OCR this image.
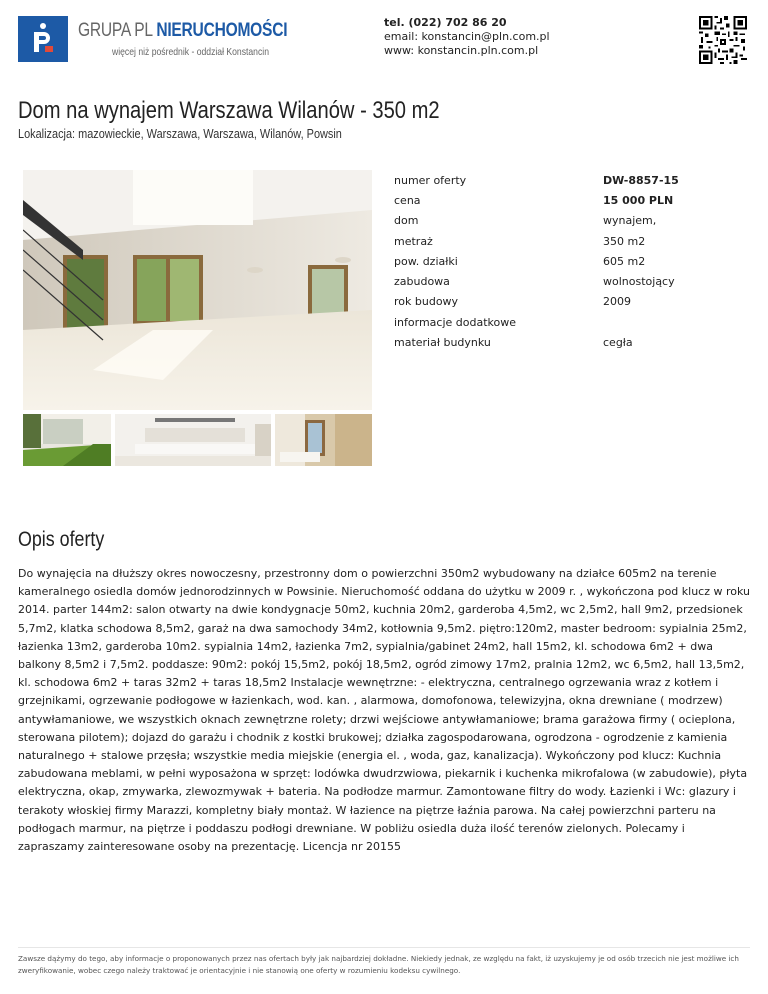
GRUPA PL NIERUCHOMOŚCI
więcej niż pośrednik - oddział Konstancin
tel. (022) 702 86 20
email: konstancin@pln.com.pl
www: konstancin.pln.com.pl
Dom na wynajem Warszawa Wilanów - 350 m2
Lokalizacja: mazowieckie, Warszawa, Warszawa, Wilanów, Powsin
numer oferty	DW-8857-15
cena	15 000 PLN
dom	wynajem,
metraż	350 m2
pow. działki	605 m2
zabudowa	wolnostojący
rok budowy	2009
informacje dodatkowe
materiał budynku	cegła
Opis oferty
Do wynajęcia na dłuższy okres nowoczesny, przestronny dom o powierzchni 350m2 wybudowany na działce 605m2 na terenie kameralnego osiedla domów jednorodzinnych w Powsinie. Nieruchomość oddana do użytku w 2009 r. , wykończona pod klucz w roku 2014. parter 144m2: salon otwarty na dwie kondygnacje 50m2, kuchnia 20m2, garderoba 4,5m2, wc 2,5m2, hall 9m2, przedsionek 5,7m2, klatka schodowa 8,5m2, garaż na dwa samochody 34m2, kotłownia 9,5m2. piętro:120m2, master bedroom: sypialnia 25m2, łazienka 13m2, garderoba 10m2. sypialnia 14m2, łazienka 7m2, sypialnia/gabinet 24m2, hall 15m2, kl. schodowa 6m2 + dwa balkony 8,5m2 i 7,5m2. poddasze: 90m2: pokój 15,5m2, pokój 18,5m2, ogród zimowy 17m2, pralnia 12m2, wc 6,5m2, hall 13,5m2, kl. schodowa 6m2 + taras 32m2 + taras 18,5m2 Instalacje wewnętrzne: - elektryczna, centralnego ogrzewania wraz z kotłem i grzejnikami, ogrzewanie podłogowe w łazienkach, wod. kan. , alarmowa, domofonowa, telewizyjna, okna drewniane ( modrzew) antywłamaniowe, we wszystkich oknach zewnętrzne rolety; drzwi wejściowe antywłamaniowe; brama garażowa firmy ( ocieplona, sterowana pilotem); dojazd do garażu i chodnik z kostki brukowej; działka zagospodarowana, ogrodzona - ogrodzenie z kamienia naturalnego + stalowe przęsła; wszystkie media miejskie (energia el. , woda, gaz, kanalizacja). Wykończony pod klucz: Kuchnia zabudowana meblami, w pełni wyposażona w sprzęt: lodówka dwudrzwiowa, piekarnik i kuchenka mikrofalowa (w zabudowie), płyta elektryczna, okap, zmywarka, zlewozmywak + bateria. Na podłodze marmur. Zamontowane filtry do wody. Łazienki i Wc: glazury i terakoty włoskiej firmy Marazzi, kompletny biały montaż. W łazience na piętrze łaźnia parowa. Na całej powierzchni parteru na podłogach marmur, na piętrze i poddaszu podłogi drewniane. W pobliżu osiedla duża ilość terenów zielonych. Polecamy i zapraszamy zainteresowane osoby na prezentację. Licencja nr 20155
Zawsze dążymy do tego, aby informacje o proponowanych przez nas ofertach były jak najbardziej dokładne. Niekiedy jednak, ze względu na fakt, iż uzyskujemy je od osób trzecich nie jest możliwe ich zweryfikowanie, wobec czego należy traktować je orientacyjnie i nie stanowią one oferty w rozumieniu kodeksu cywilnego.
